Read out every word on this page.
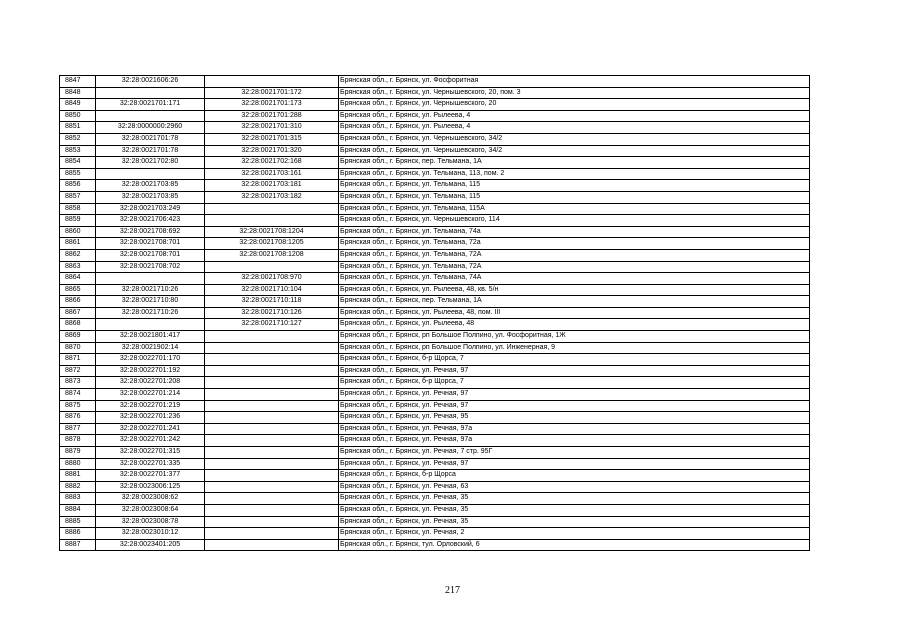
8847	32:28:0021606:26		Брянская обл., г. Брянск, ул. Фосфоритная
8848		32:28:0021701:172	Брянская обл., г. Брянск, ул. Чернышевского, 20, пом. 3
8849	32:28:0021701:171	32:28:0021701:173	Брянская обл., г. Брянск, ул. Чернышевского, 20
8850		32:28:0021701:288	Брянская обл., г. Брянск, ул. Рылеева, 4
8851	32:28:0000000:2960	32:28:0021701:310	Брянская обл., г. Брянск, ул. Рылеева, 4
8852	32:28:0021701:78	32:28:0021701:315	Брянская обл., г. Брянск, ул. Чернышевского, 34/2
8853	32:28:0021701:78	32:28:0021701:320	Брянская обл., г. Брянск, ул. Чернышевского, 34/2
8854	32:28:0021702:80	32:28:0021702:168	Брянская обл., г. Брянск, пер. Тельмана, 1А
8855		32:28:0021703:161	Брянская обл., г. Брянск, ул. Тельмана, 113, пом. 2
8856	32:28:0021703:85	32:28:0021703:181	Брянская обл., г. Брянск, ул. Тельмана, 115
8857	32:28:0021703:85	32:28:0021703:182	Брянская обл., г. Брянск, ул. Тельмана, 115
8858	32:28:0021703:249		Брянская обл., г. Брянск, ул. Тельмана, 115А
8859	32:28:0021706:423		Брянская обл., г. Брянск, ул. Чернышевского, 114
8860	32:28:0021708:692	32:28:0021708:1204	Брянская обл., г. Брянск, ул. Тельмана, 74а
8861	32:28:0021708:701	32:28:0021708:1205	Брянская обл., г. Брянск, ул. Тельмана, 72а
8862	32:28:0021708:701	32:28:0021708:1208	Брянская обл., г. Брянск, ул. Тельмана, 72А
8863	32:28:0021708:702		Брянская обл., г. Брянск, ул. Тельмана, 72А
8864		32:28:0021708:970	Брянская обл., г. Брянск, ул. Тельмана, 74А
8865	32:28:0021710:26	32:28:0021710:104	Брянская обл., г. Брянск, ул. Рылеева, 48, кв. 5/н
8866	32:28:0021710:80	32:28:0021710:118	Брянская обл., г. Брянск, пер. Тельмана, 1А
8867	32:28:0021710:26	32:28:0021710:126	Брянская обл., г. Брянск, ул. Рылеева, 48, пом. III
8868		32:28:0021710:127	Брянская обл., г. Брянск, ул. Рылеева, 48
8869	32:28:0021801:417		Брянская обл., г. Брянск, рп Большое Полпино, ул. Фосфоритная, 1Ж
8870	32:28:0021902:14		Брянская обл., г. Брянск, рп Большое Полпино, ул. Инженерная, 9
8871	32:28:0022701:170		Брянская обл., г. Брянск, б-р Щорса, 7
8872	32:28:0022701:192		Брянская обл., г. Брянск, ул. Речная, 97
8873	32:28:0022701:208		Брянская обл., г. Брянск, б-р Щорса, 7
8874	32:28:0022701:214		Брянская обл., г. Брянск, ул. Речная, 97
8875	32:28:0022701:219		Брянская обл., г. Брянск, ул. Речная, 97
8876	32:28:0022701:236		Брянская обл., г. Брянск, ул. Речная, 95
8877	32:28:0022701:241		Брянская обл., г. Брянск, ул. Речная, 97а
8878	32:28:0022701:242		Брянская обл., г. Брянск, ул. Речная, 97а
8879	32:28:0022701:315		Брянская обл., г. Брянск, ул. Речная, 7 стр. 95Г
8880	32:28:0022701:335		Брянская обл., г. Брянск, ул. Речная, 97
8881	32:28:0022701:377		Брянская обл., г. Брянск, б-р Щорса
8882	32:28:0023006:125		Брянская обл., г. Брянск, ул. Речная, 63
8883	32:28:0023008:62		Брянская обл., г. Брянск, ул. Речная, 35
8884	32:28:0023008:64		Брянская обл., г. Брянск, ул. Речная, 35
8885	32:28:0023008:78		Брянская обл., г. Брянск, ул. Речная, 35
8886	32:28:0023010:12		Брянская обл., г. Брянск, ул. Речная, 2
8887	32:28:0023401:205		Брянская обл., г. Брянск, тул. Орловский, 6
217
